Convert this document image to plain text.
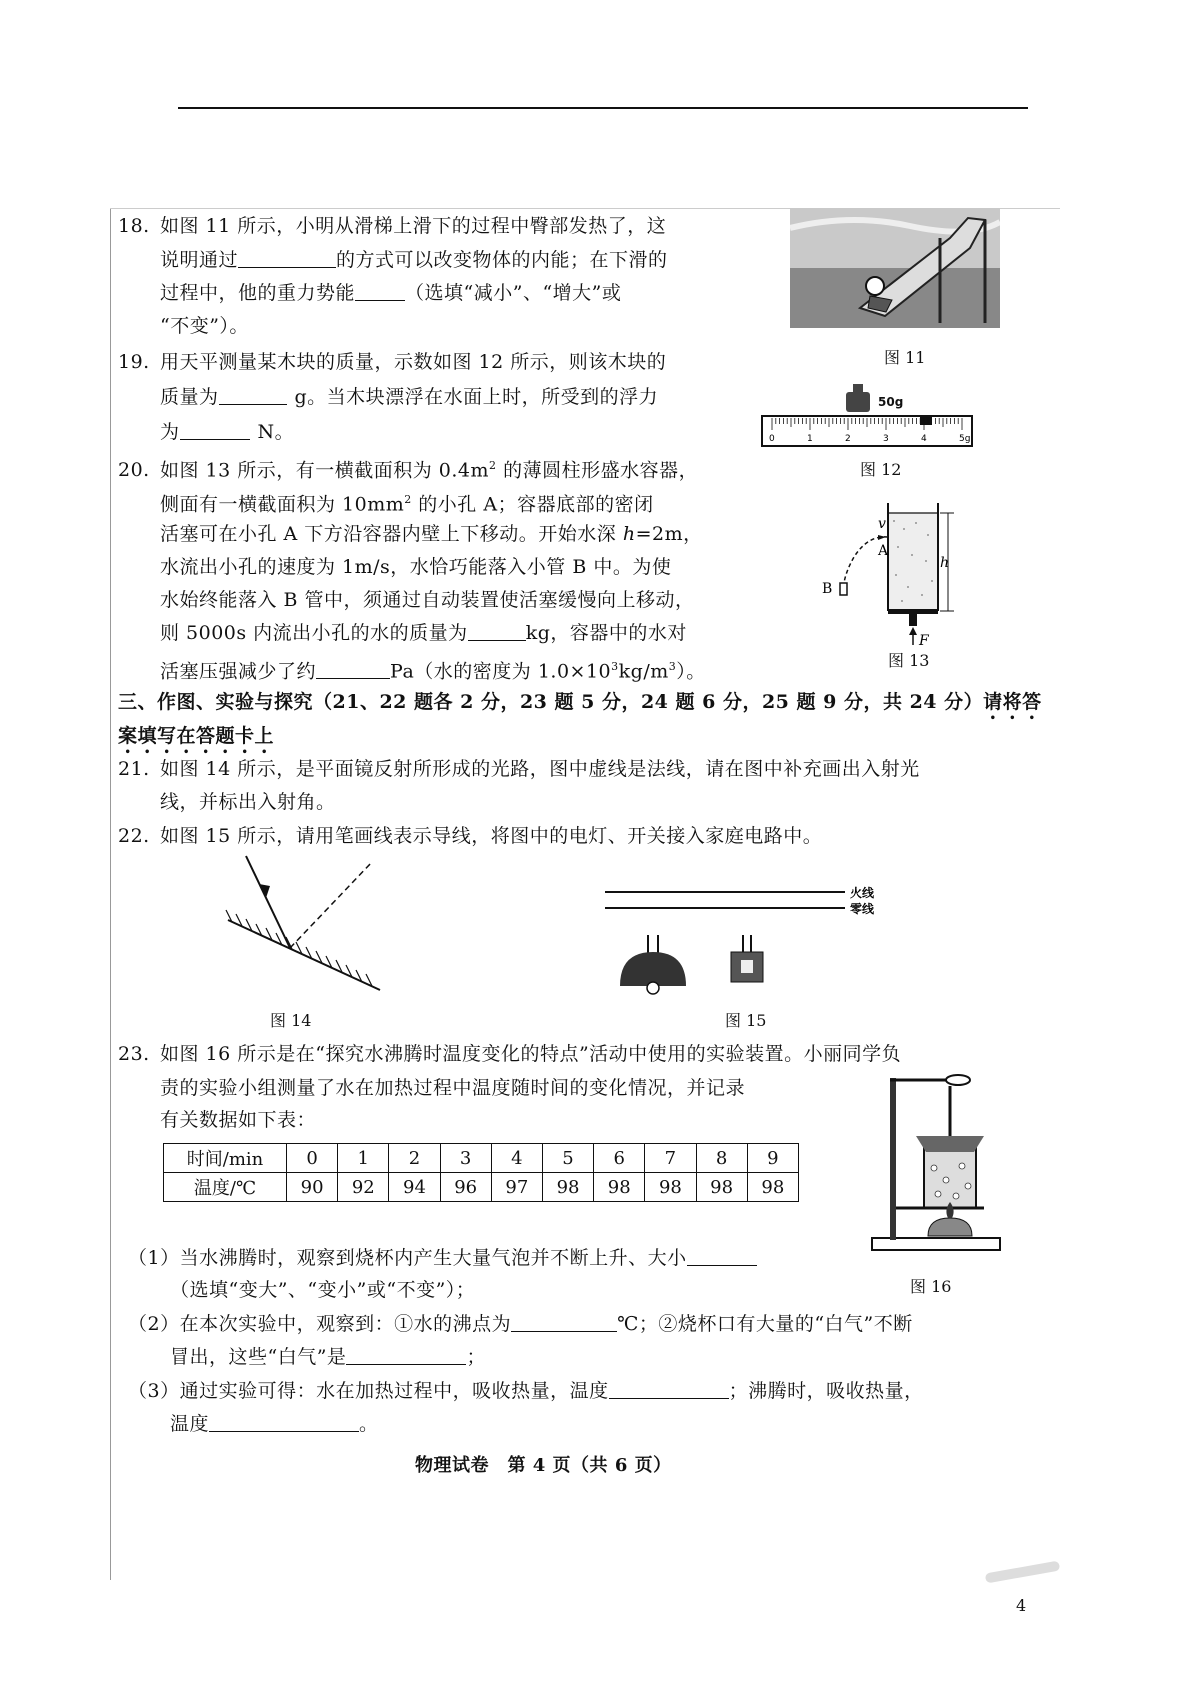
18. 如图 11 所示，小明从滑梯上滑下的过程中臀部发热了，这
说明通过	的方式可以改变物体的内能；在下滑的
过程中，他的重力势能	（选填“减小”、“增大”或
“不变”）。
图 11
19. 用天平测量某木块的质量，示数如图 12 所示，则该木块的
质量为	g。当木块漂浮在水面上时，所受到的浮力
为	N。
50g
0	1	2	3	4	5g
图 12
20. 如图 13 所示，有一横截面积为 $0.4m^2$ 的薄圆柱形盛水容器，
侧面有一横截面积为 $10mm^2$ 的小孔 A；容器底部的密闭
活塞可在小孔 A 下方沿容器内壁上下移动。开始水深 h=2m，
水流出小孔的速度为 1m/s，水恰巧能落入小管 B 中。为使
水始终能落入 B 管中，须通过自动装置使活塞缓慢向上移动，
则 5000s 内流出小孔的水的质量为	kg，容器中的水对
活塞压强减少了约	Pa（水的密度为 $1.0\times 10^3kg/m^3$）。
v
A
B
h
F
图 13
三、作图、实验与探究（21、22 题各 2 分，23 题 5 分，24 题 6 分，25 题 9 分，共 24 分）请将答
案填写在答题卡上
21. 如图 14 所示，是平面镜反射所形成的光路，图中虚线是法线，请在图中补充画出入射光
线，并标出入射角。
22. 如图 15 所示，请用笔画线表示导线，将图中的电灯、开关接入家庭电路中。
图 14
火线
零线
图 15
23. 如图 16 所示是在“探究水沸腾时温度变化的特点”活动中使用的实验装置。小丽同学负
责的实验小组测量了水在加热过程中温度随时间的变化情况，并记录
有关数据如下表：
时间/min	0	1	2	3	4	5	6	7	8	9
温度/℃	90	92	94	96	97	98	98	98	98	98
图 16
（1）当水沸腾时，观察到烧杯内产生大量气泡并不断上升、大小
（选填“变大”、“变小”或“不变”）；
（2）在本次实验中，观察到：①水的沸点为	℃；②烧杯口有大量的“白气”不断
冒出，这些“白气”是	；
（3）通过实验可得：水在加热过程中，吸收热量，温度	；沸腾时，吸收热量，
温度	。
物理试卷　第 4 页（共 6 页）
4
